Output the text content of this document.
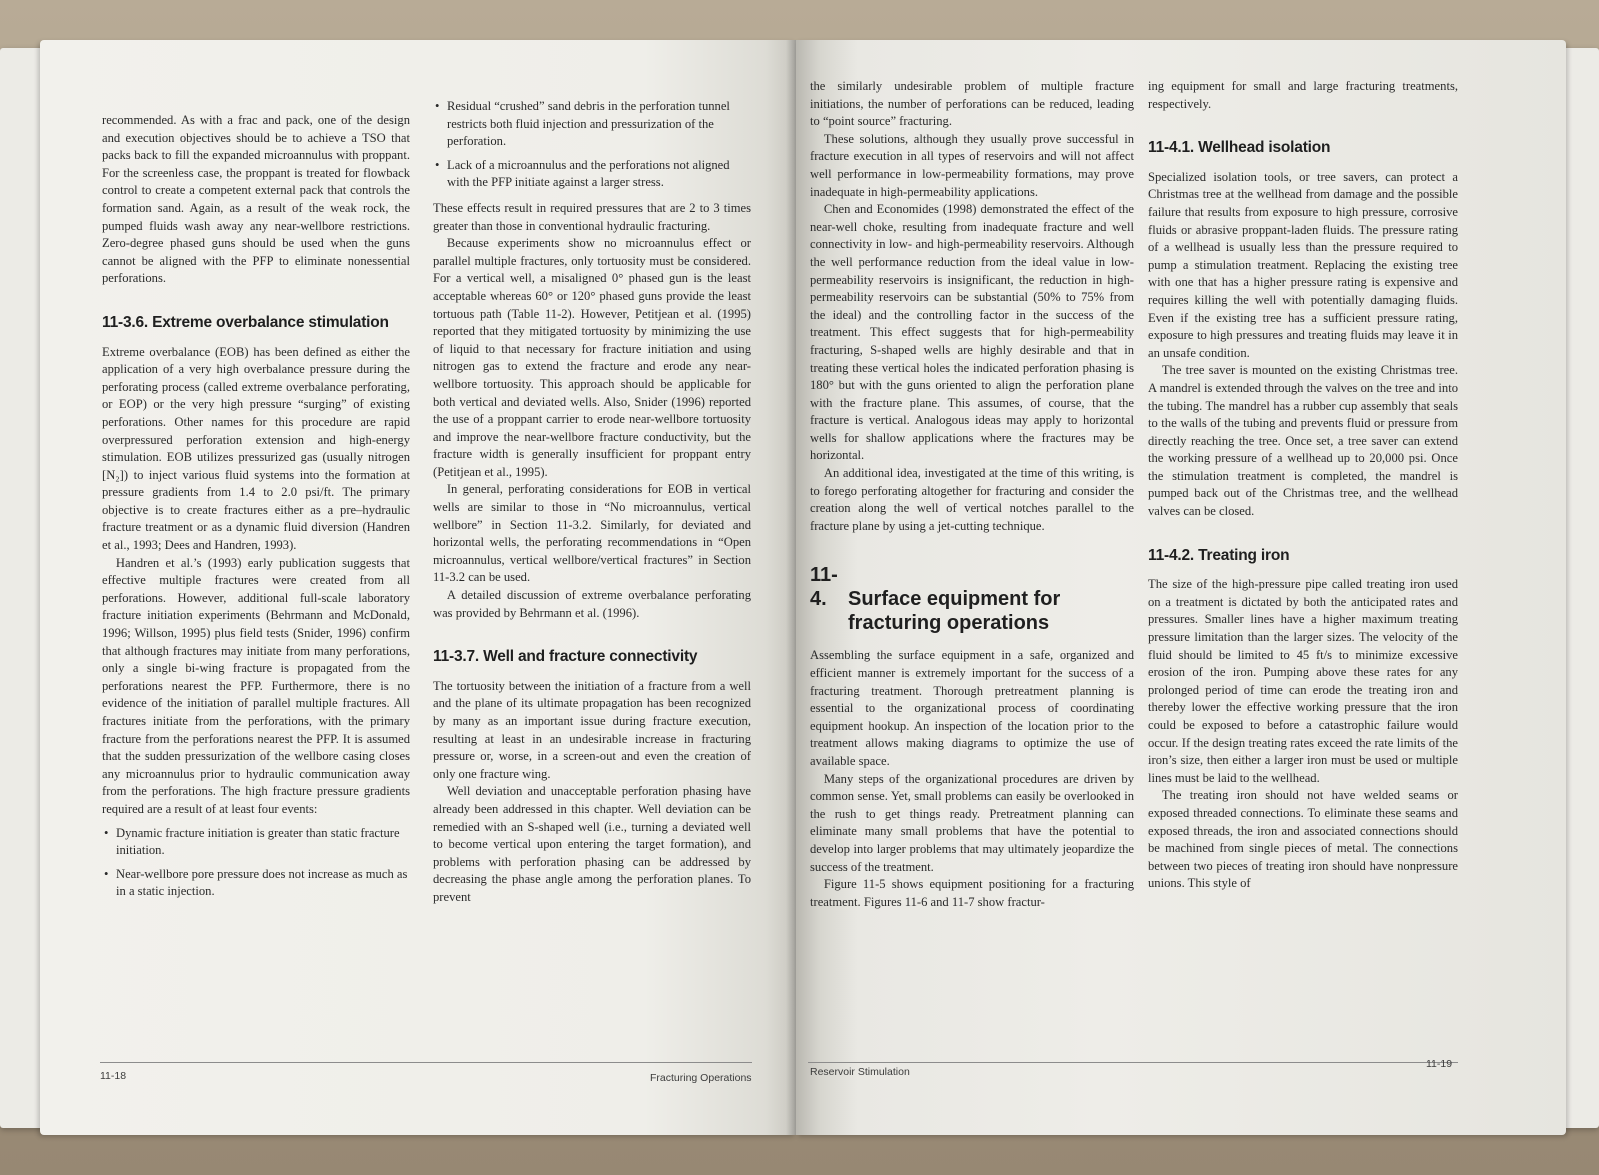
recommended. As with a frac and pack, one of the design and execution objectives should be to achieve a TSO that packs back to fill the expanded microannulus with proppant. For the screenless case, the proppant is treated for flowback control to create a competent external pack that controls the formation sand. Again, as a result of the weak rock, the pumped fluids wash away any near-wellbore restrictions. Zero-degree phased guns should be used when the guns cannot be aligned with the PFP to eliminate nonessential perforations.

11-3.6. Extreme overbalance stimulation

Extreme overbalance (EOB) has been defined as either the application of a very high overbalance pressure during the perforating process (called extreme overbalance perforating, or EOP) or the very high pressure “surging” of existing perforations. Other names for this procedure are rapid overpressured perforation extension and high-energy stimulation. EOB utilizes pressurized gas (usually nitrogen [N₂]) to inject various fluid systems into the formation at pressure gradients from 1.4 to 2.0 psi/ft. The primary objective is to create fractures either as a pre–hydraulic fracture treatment or as a dynamic fluid diversion (Handren et al., 1993; Dees and Handren, 1993).

Handren et al.’s (1993) early publication suggests that effective multiple fractures were created from all perforations. However, additional full-scale laboratory fracture initiation experiments (Behrmann and McDonald, 1996; Willson, 1995) plus field tests (Snider, 1996) confirm that although fractures may initiate from many perforations, only a single bi-wing fracture is propagated from the perforations nearest the PFP. Furthermore, there is no evidence of the initiation of parallel multiple fractures. All fractures initiate from the perforations, with the primary fracture from the perforations nearest the PFP. It is assumed that the sudden pressurization of the wellbore casing closes any microannulus prior to hydraulic communication away from the perforations. The high fracture pressure gradients required are a result of at least four events:

• Dynamic fracture initiation is greater than static fracture initiation.
• Near-wellbore pore pressure does not increase as much as in a static injection.
• Residual “crushed” sand debris in the perforation tunnel restricts both fluid injection and pressurization of the perforation.
• Lack of a microannulus and the perforations not aligned with the PFP initiate against a larger stress.

These effects result in required pressures that are 2 to 3 times greater than those in conventional hydraulic fracturing.

Because experiments show no microannulus effect or parallel multiple fractures, only tortuosity must be considered. For a vertical well, a misaligned 0° phased gun is the least acceptable whereas 60° or 120° phased guns provide the least tortuous path (Table 11-2). However, Petitjean et al. (1995) reported that they mitigated tortuosity by minimizing the use of liquid to that necessary for fracture initiation and using nitrogen gas to extend the fracture and erode any near-wellbore tortuosity. This approach should be applicable for both vertical and deviated wells. Also, Snider (1996) reported the use of a proppant carrier to erode near-wellbore tortuosity and improve the near-wellbore fracture conductivity, but the fracture width is generally insufficient for proppant entry (Petitjean et al., 1995).

In general, perforating considerations for EOB in vertical wells are similar to those in “No microannulus, vertical wellbore” in Section 11-3.2. Similarly, for deviated and horizontal wells, the perforating recommendations in “Open microannulus, vertical wellbore/vertical fractures” in Section 11-3.2 can be used.

A detailed discussion of extreme overbalance perforating was provided by Behrmann et al. (1996).

11-3.7. Well and fracture connectivity

The tortuosity between the initiation of a fracture from a well and the plane of its ultimate propagation has been recognized by many as an important issue during fracture execution, resulting at least in an undesirable increase in fracturing pressure or, worse, in a screen-out and even the creation of only one fracture wing.

Well deviation and unacceptable perforation phasing have already been addressed in this chapter. Well deviation can be remedied with an S-shaped well (i.e., turning a deviated well to become vertical upon entering the target formation), and problems with perforation phasing can be addressed by decreasing the phase angle among the perforation planes. To prevent

11-18	Fracturing Operations

the similarly undesirable problem of multiple fracture initiations, the number of perforations can be reduced, leading to “point source” fracturing.

These solutions, although they usually prove successful in fracture execution in all types of reservoirs and will not affect well performance in low-permeability formations, may prove inadequate in high-permeability applications.

Chen and Economides (1998) demonstrated the effect of the near-well choke, resulting from inadequate fracture and well connectivity in low- and high-permeability reservoirs. Although the well performance reduction from the ideal value in low-permeability reservoirs is insignificant, the reduction in high-permeability reservoirs can be substantial (50% to 75% from the ideal) and the controlling factor in the success of the treatment. This effect suggests that for high-permeability fracturing, S-shaped wells are highly desirable and that in treating these vertical holes the indicated perforation phasing is 180° but with the guns oriented to align the perforation plane with the fracture plane. This assumes, of course, that the fracture is vertical. Analogous ideas may apply to horizontal wells for shallow applications where the fractures may be horizontal.

An additional idea, investigated at the time of this writing, is to forego perforating altogether for fracturing and consider the creation along the well of vertical notches parallel to the fracture plane by using a jet-cutting technique.

11-4. Surface equipment for
fracturing operations

Assembling the surface equipment in a safe, organized and efficient manner is extremely important for the success of a fracturing treatment. Thorough pretreatment planning is essential to the organizational process of coordinating equipment hookup. An inspection of the location prior to the treatment allows making diagrams to optimize the use of available space.

Many steps of the organizational procedures are driven by common sense. Yet, small problems can easily be overlooked in the rush to get things ready. Pretreatment planning can eliminate many small problems that have the potential to develop into larger problems that may ultimately jeopardize the success of the treatment.

Figure 11-5 shows equipment positioning for a fracturing treatment. Figures 11-6 and 11-7 show fractur-

ing equipment for small and large fracturing treatments, respectively.

11-4.1. Wellhead isolation

Specialized isolation tools, or tree savers, can protect a Christmas tree at the wellhead from damage and the possible failure that results from exposure to high pressure, corrosive fluids or abrasive proppant-laden fluids. The pressure rating of a wellhead is usually less than the pressure required to pump a stimulation treatment. Replacing the existing tree with one that has a higher pressure rating is expensive and requires killing the well with potentially damaging fluids. Even if the existing tree has a sufficient pressure rating, exposure to high pressures and treating fluids may leave it in an unsafe condition.

The tree saver is mounted on the existing Christmas tree. A mandrel is extended through the valves on the tree and into the tubing. The mandrel has a rubber cup assembly that seals to the walls of the tubing and prevents fluid or pressure from directly reaching the tree. Once set, a tree saver can extend the working pressure of a wellhead up to 20,000 psi. Once the stimulation treatment is completed, the mandrel is pumped back out of the Christmas tree, and the wellhead valves can be closed.

11-4.2. Treating iron

The size of the high-pressure pipe called treating iron used on a treatment is dictated by both the anticipated rates and pressures. Smaller lines have a higher maximum treating pressure limitation than the larger sizes. The velocity of the fluid should be limited to 45 ft/s to minimize excessive erosion of the iron. Pumping above these rates for any prolonged period of time can erode the treating iron and thereby lower the effective working pressure that the iron could be exposed to before a catastrophic failure would occur. If the design treating rates exceed the rate limits of the iron’s size, then either a larger iron must be used or multiple lines must be laid to the wellhead.

The treating iron should not have welded seams or exposed threaded connections. To eliminate these seams and exposed threads, the iron and associated connections should be machined from single pieces of metal. The connections between two pieces of treating iron should have nonpressure unions. This style of

Reservoir Stimulation
11-19
